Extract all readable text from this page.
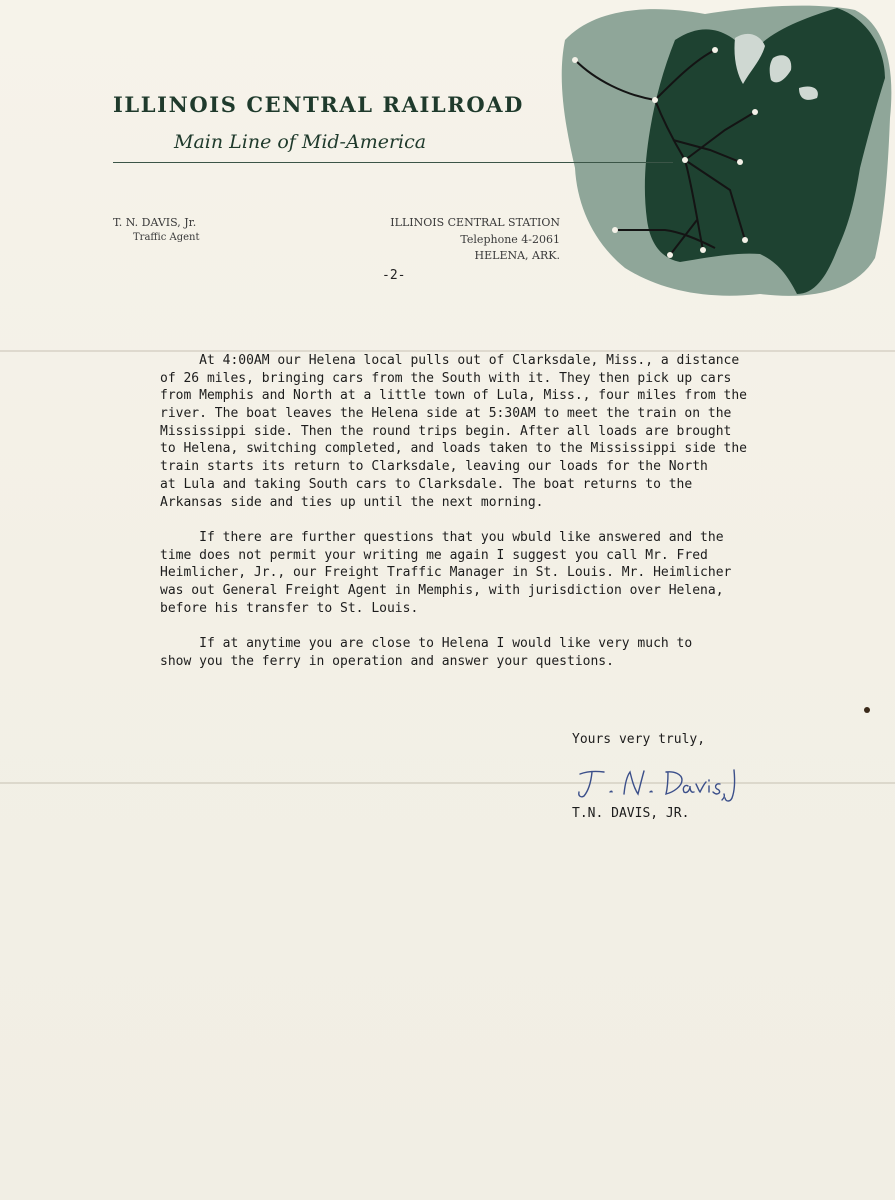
ILLINOIS CENTRAL RAILROAD
Main Line of Mid-America
T. N. DAVIS, Jr.
Traffic Agent
ILLINOIS CENTRAL STATION
Telephone 4-2061
HELENA, ARK.
-2-
At 4:00AM our Helena local pulls out of Clarksdale, Miss., a distance
of 26 miles, bringing cars from the South with it. They then pick up cars
from Memphis and North at a little town of Lula, Miss., four miles from the
river. The boat leaves the Helena side at 5:30AM to meet the train on the
Mississippi side. Then the round trips begin. After all loads are brought
to Helena, switching completed, and loads taken to the Mississippi side the
train starts its return to Clarksdale, leaving our loads for the North
at Lula and taking South cars to Clarksdale. The boat returns to the
Arkansas side and ties up until the next morning.
If there are further questions that you wbuld like answered and the
time does not permit your writing me again I suggest you call Mr. Fred
Heimlicher, Jr., our Freight Traffic Manager in St. Louis. Mr. Heimlicher
was out General Freight Agent in Memphis, with jurisdiction over Helena,
before his transfer to St. Louis.
If at anytime you are close to Helena I would like very much to
show you the ferry in operation and answer your questions.
Yours very truly,
T.N. DAVIS, JR.
